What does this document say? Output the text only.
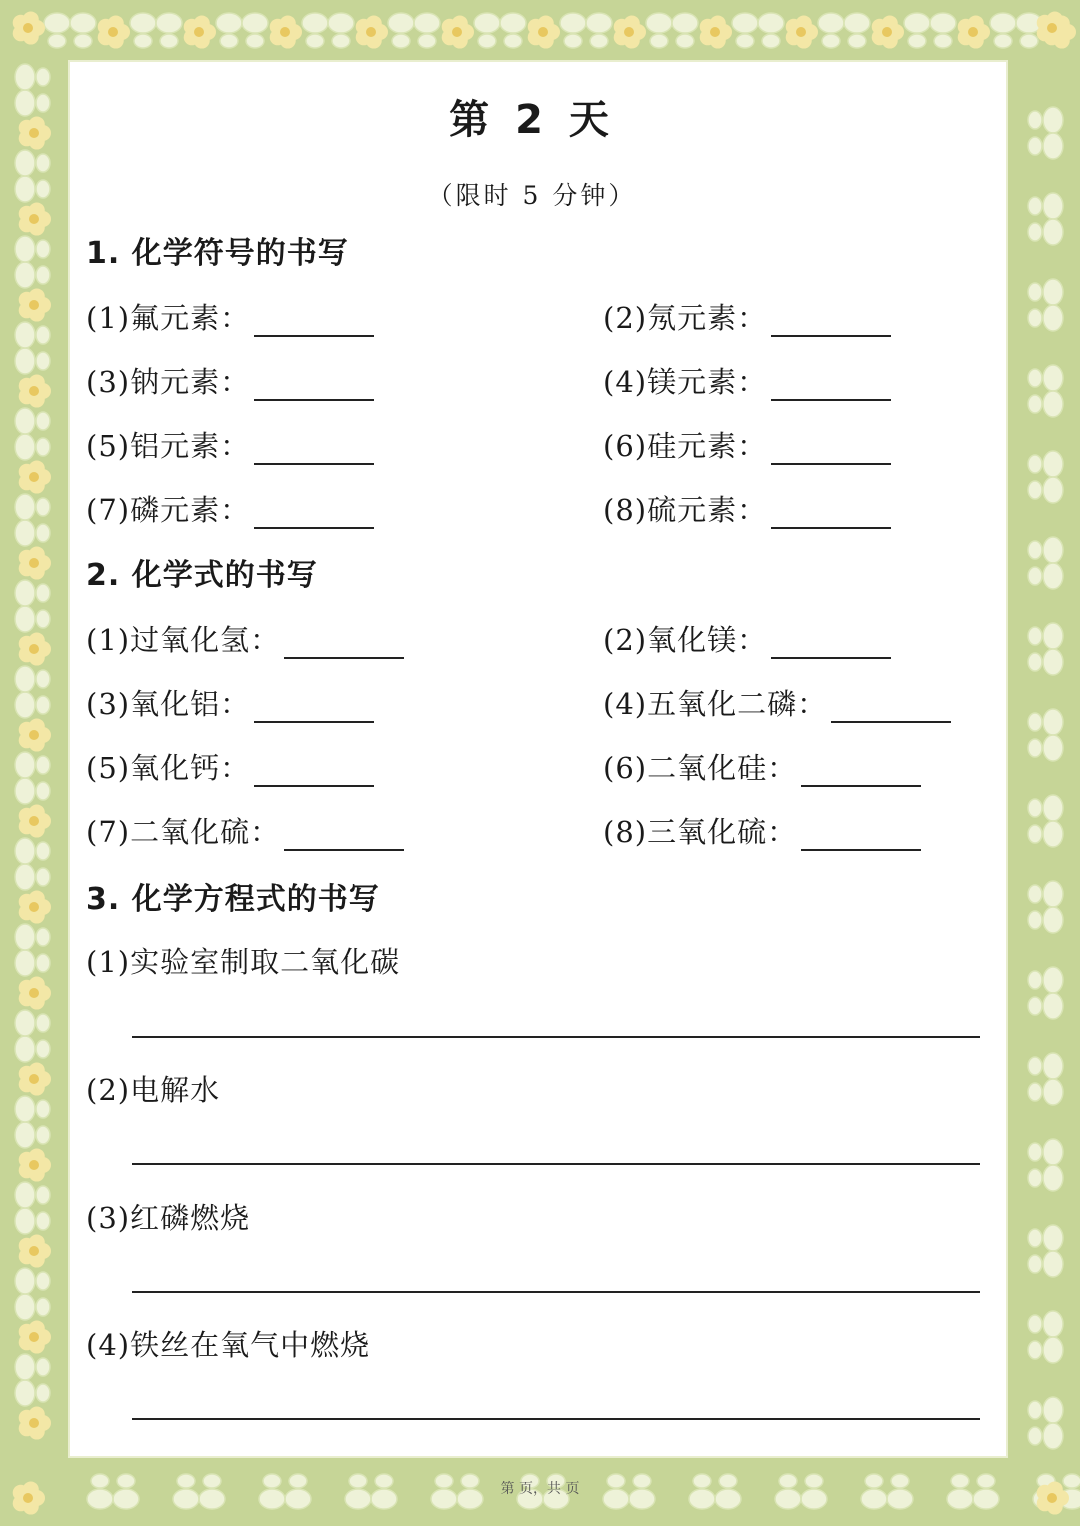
第 2 天
（限时 5 分钟）
1. 化学符号的书写
(1)氟元素：	(2)氖元素：
(3)钠元素：	(4)镁元素：
(5)铝元素：	(6)硅元素：
(7)磷元素：	(8)硫元素：
2. 化学式的书写
(1)过氧化氢：	(2)氧化镁：
(3)氧化铝：	(4)五氧化二磷：
(5)氧化钙：	(6)二氧化硅：
(7)二氧化硫：	(8)三氧化硫：
3. 化学方程式的书写
(1)实验室制取二氧化碳
(2)电解水
(3)红磷燃烧
(4)铁丝在氧气中燃烧
第 页，共 页
